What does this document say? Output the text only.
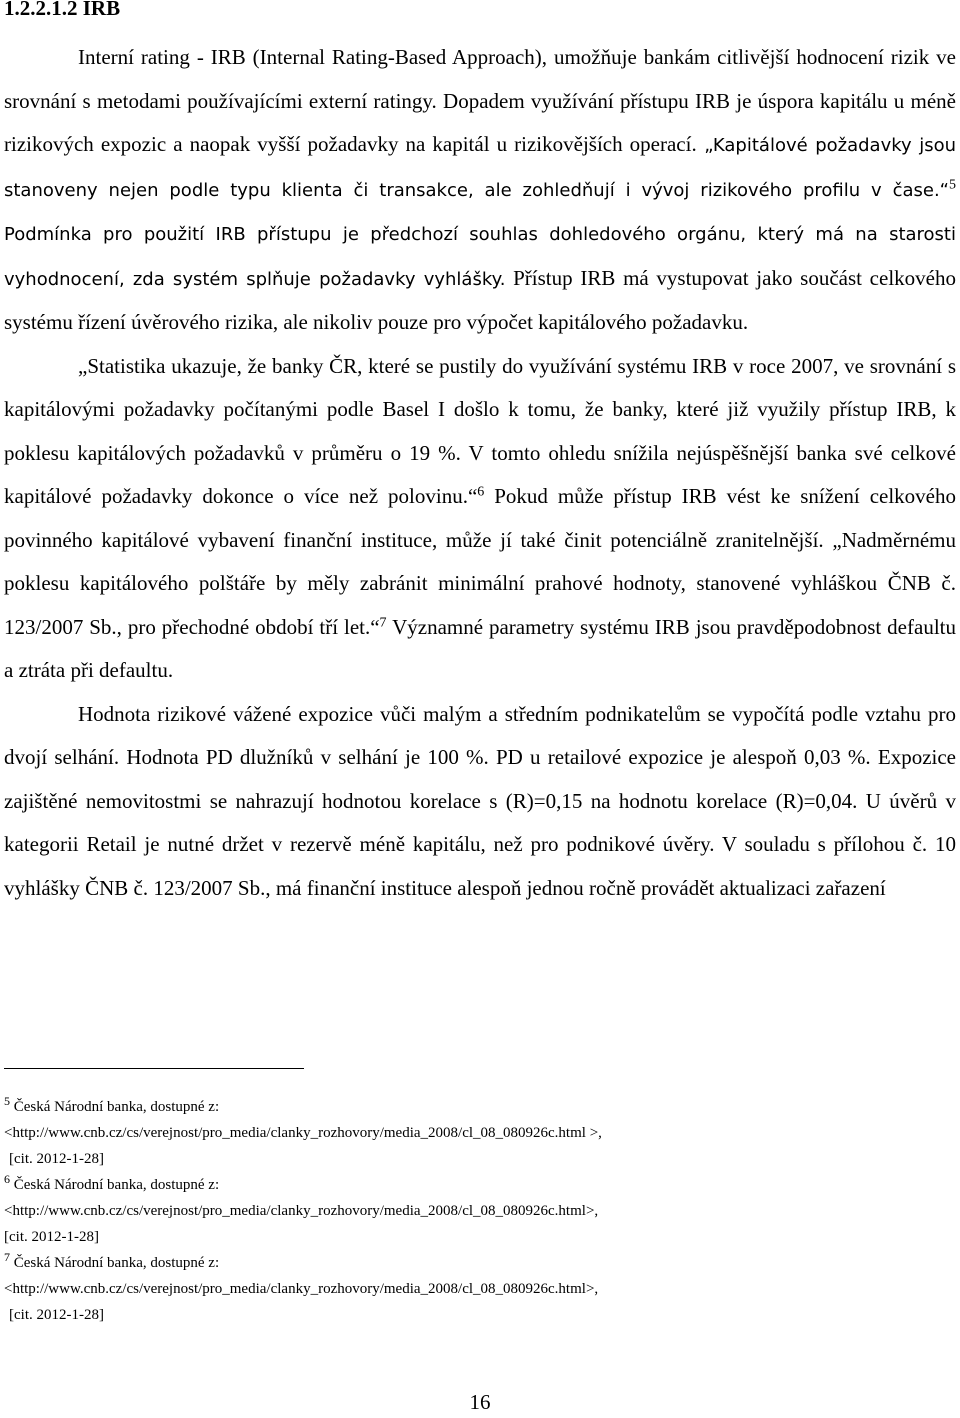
1.2.2.1.2 IRB

Interní rating - IRB (Internal Rating-Based Approach), umožňuje bankám citlivější hodnocení rizik ve srovnání s metodami používajícími externí ratingy. Dopadem využívání přístupu IRB je úspora kapitálu u méně rizikových expozic a naopak vyšší požadavky na kapitál u rizikovějších operací. „Kapitálové požadavky jsou stanoveny nejen podle typu klienta či transakce, ale zohledňují i vývoj rizikového profilu v čase.“$^5$ Podmínka pro použití IRB přístupu je předchozí souhlas dohledového orgánu, který má na starosti vyhodnocení, zda systém splňuje požadavky vyhlášky. Přístup IRB má vystupovat jako součást celkového systému řízení úvěrového rizika, ale nikoliv pouze pro výpočet kapitálového požadavku.

„Statistika ukazuje, že banky ČR, které se pustily do využívání systému IRB v roce 2007, ve srovnání s kapitálovými požadavky počítanými podle Basel I došlo k tomu, že banky, které již využily přístup IRB, k poklesu kapitálových požadavků v průměru o 19 %. V tomto ohledu snížila nejúspěšnější banka své celkové kapitálové požadavky dokonce o více než polovinu.“$^6$ Pokud může přístup IRB vést ke snížení celkového povinného kapitálové vybavení finanční instituce, může jí také činit potenciálně zranitelnější. „Nadměrnému poklesu kapitálového polštáře by měly zabránit minimální prahové hodnoty, stanovené vyhláškou ČNB č. 123/2007 Sb., pro přechodné období tří let.“$^7$ Významné parametry systému IRB jsou pravděpodobnost defaultu a ztráta při defaultu.

Hodnota rizikové vážené expozice vůči malým a středním podnikatelům se vypočítá podle vztahu pro dvojí selhání. Hodnota PD dlužníků v selhání je 100 %. PD u retailové expozice je alespoň 0,03 %. Expozice zajištěné nemovitostmi se nahrazují hodnotou korelace s (R)=0,15 na hodnotu korelace (R)=0,04. U úvěrů v kategorii Retail je nutné držet v rezervě méně kapitálu, než pro podnikové úvěry. V souladu s přílohou č. 10 vyhlášky ČNB č. 123/2007 Sb., má finanční instituce alespoň jednou ročně provádět aktualizaci zařazení

$^5$ Česká Národní banka, dostupné z:

<http://www.cnb.cz/cs/verejnost/pro_media/clanky_rozhovory/media_2008/cl_08_080926c.html >,

[cit. 2012-1-28]

$^6$ Česká Národní banka, dostupné z:

<http://www.cnb.cz/cs/verejnost/pro_media/clanky_rozhovory/media_2008/cl_08_080926c.html>,

[cit. 2012-1-28]

$^7$ Česká Národní banka, dostupné z:

<http://www.cnb.cz/cs/verejnost/pro_media/clanky_rozhovory/media_2008/cl_08_080926c.html>,

[cit. 2012-1-28]

16
